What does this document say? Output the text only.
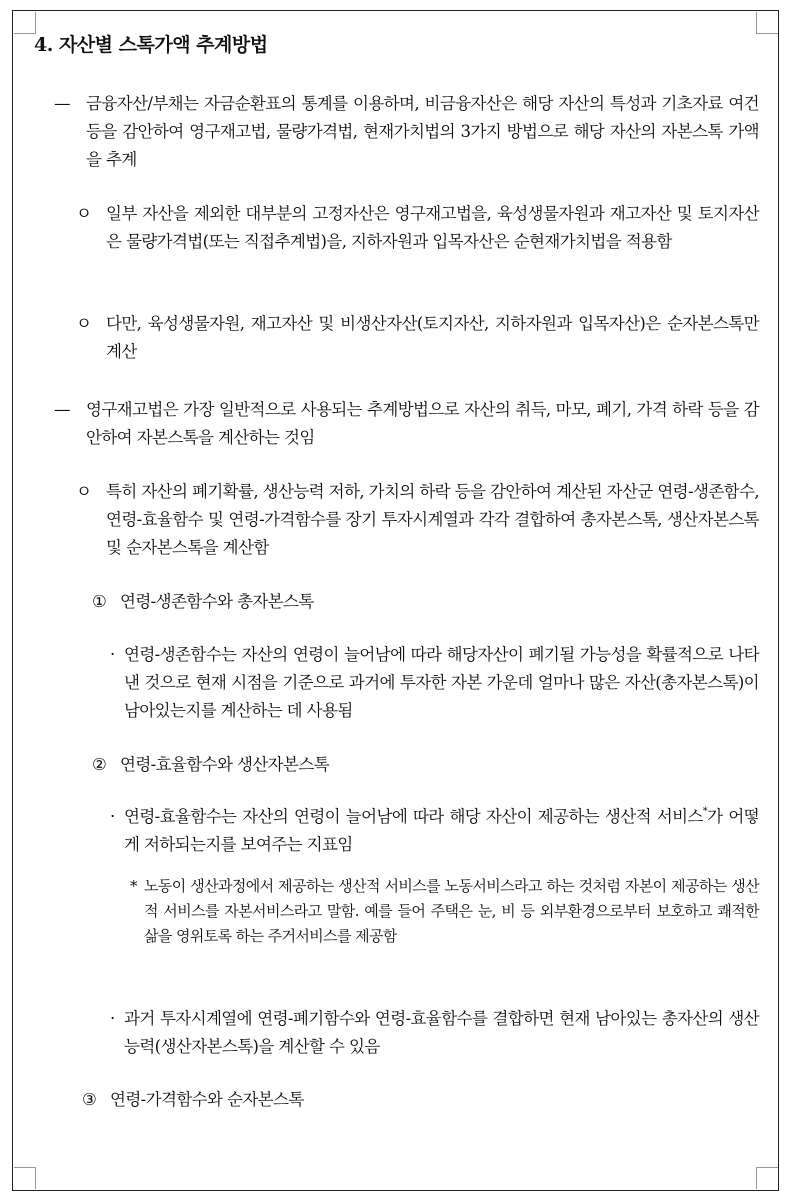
4. 자산별 스톡가액 추계방법
— 금융자산/부채는 자금순환표의 통계를 이용하며, 비금융자산은 해당 자산의 특성과 기초자료 여건 등을 감안하여 영구재고법, 물량가격법, 현재가치법의 3가지 방법으로 해당 자산의 자본스톡 가액을 추계
ㅇ 일부 자산을 제외한 대부분의 고정자산은 영구재고법을, 육성생물자원과 재고자산 및 토지자산은 물량가격법(또는 직접추계법)을, 지하자원과 입목자산은 순현재가치법을 적용함
ㅇ 다만, 육성생물자원, 재고자산 및 비생산자산(토지자산, 지하자원과 입목자산)은 순자본스톡만 계산
— 영구재고법은 가장 일반적으로 사용되는 추계방법으로 자산의 취득, 마모, 폐기, 가격 하락 등을 감안하여 자본스톡을 계산하는 것임
ㅇ 특히 자산의 폐기확률, 생산능력 저하, 가치의 하락 등을 감안하여 계산된 자산군 연령-생존함수, 연령-효율함수 및 연령-가격함수를 장기 투자시계열과 각각 결합하여 총자본스톡, 생산자본스톡 및 순자본스톡을 계산함
① 연령-생존함수와 총자본스톡
· 연령-생존함수는 자산의 연령이 늘어남에 따라 해당자산이 폐기될 가능성을 확률적으로 나타낸 것으로 현재 시점을 기준으로 과거에 투자한 자본 가운데 얼마나 많은 자산(총자본스톡)이 남아있는지를 계산하는 데 사용됨
② 연령-효율함수와 생산자본스톡
· 연령-효율함수는 자산의 연령이 늘어남에 따라 해당 자산이 제공하는 생산적 서비스*가 어떻게 저하되는지를 보여주는 지표임
* 노동이 생산과정에서 제공하는 생산적 서비스를 노동서비스라고 하는 것처럼 자본이 제공하는 생산적 서비스를 자본서비스라고 말함. 예를 들어 주택은 눈, 비 등 외부환경으로부터 보호하고 쾌적한 삶을 영위토록 하는 주거서비스를 제공함
· 과거 투자시계열에 연령-폐기함수와 연령-효율함수를 결합하면 현재 남아있는 총자산의 생산능력(생산자본스톡)을 계산할 수 있음
③ 연령-가격함수와 순자본스톡
